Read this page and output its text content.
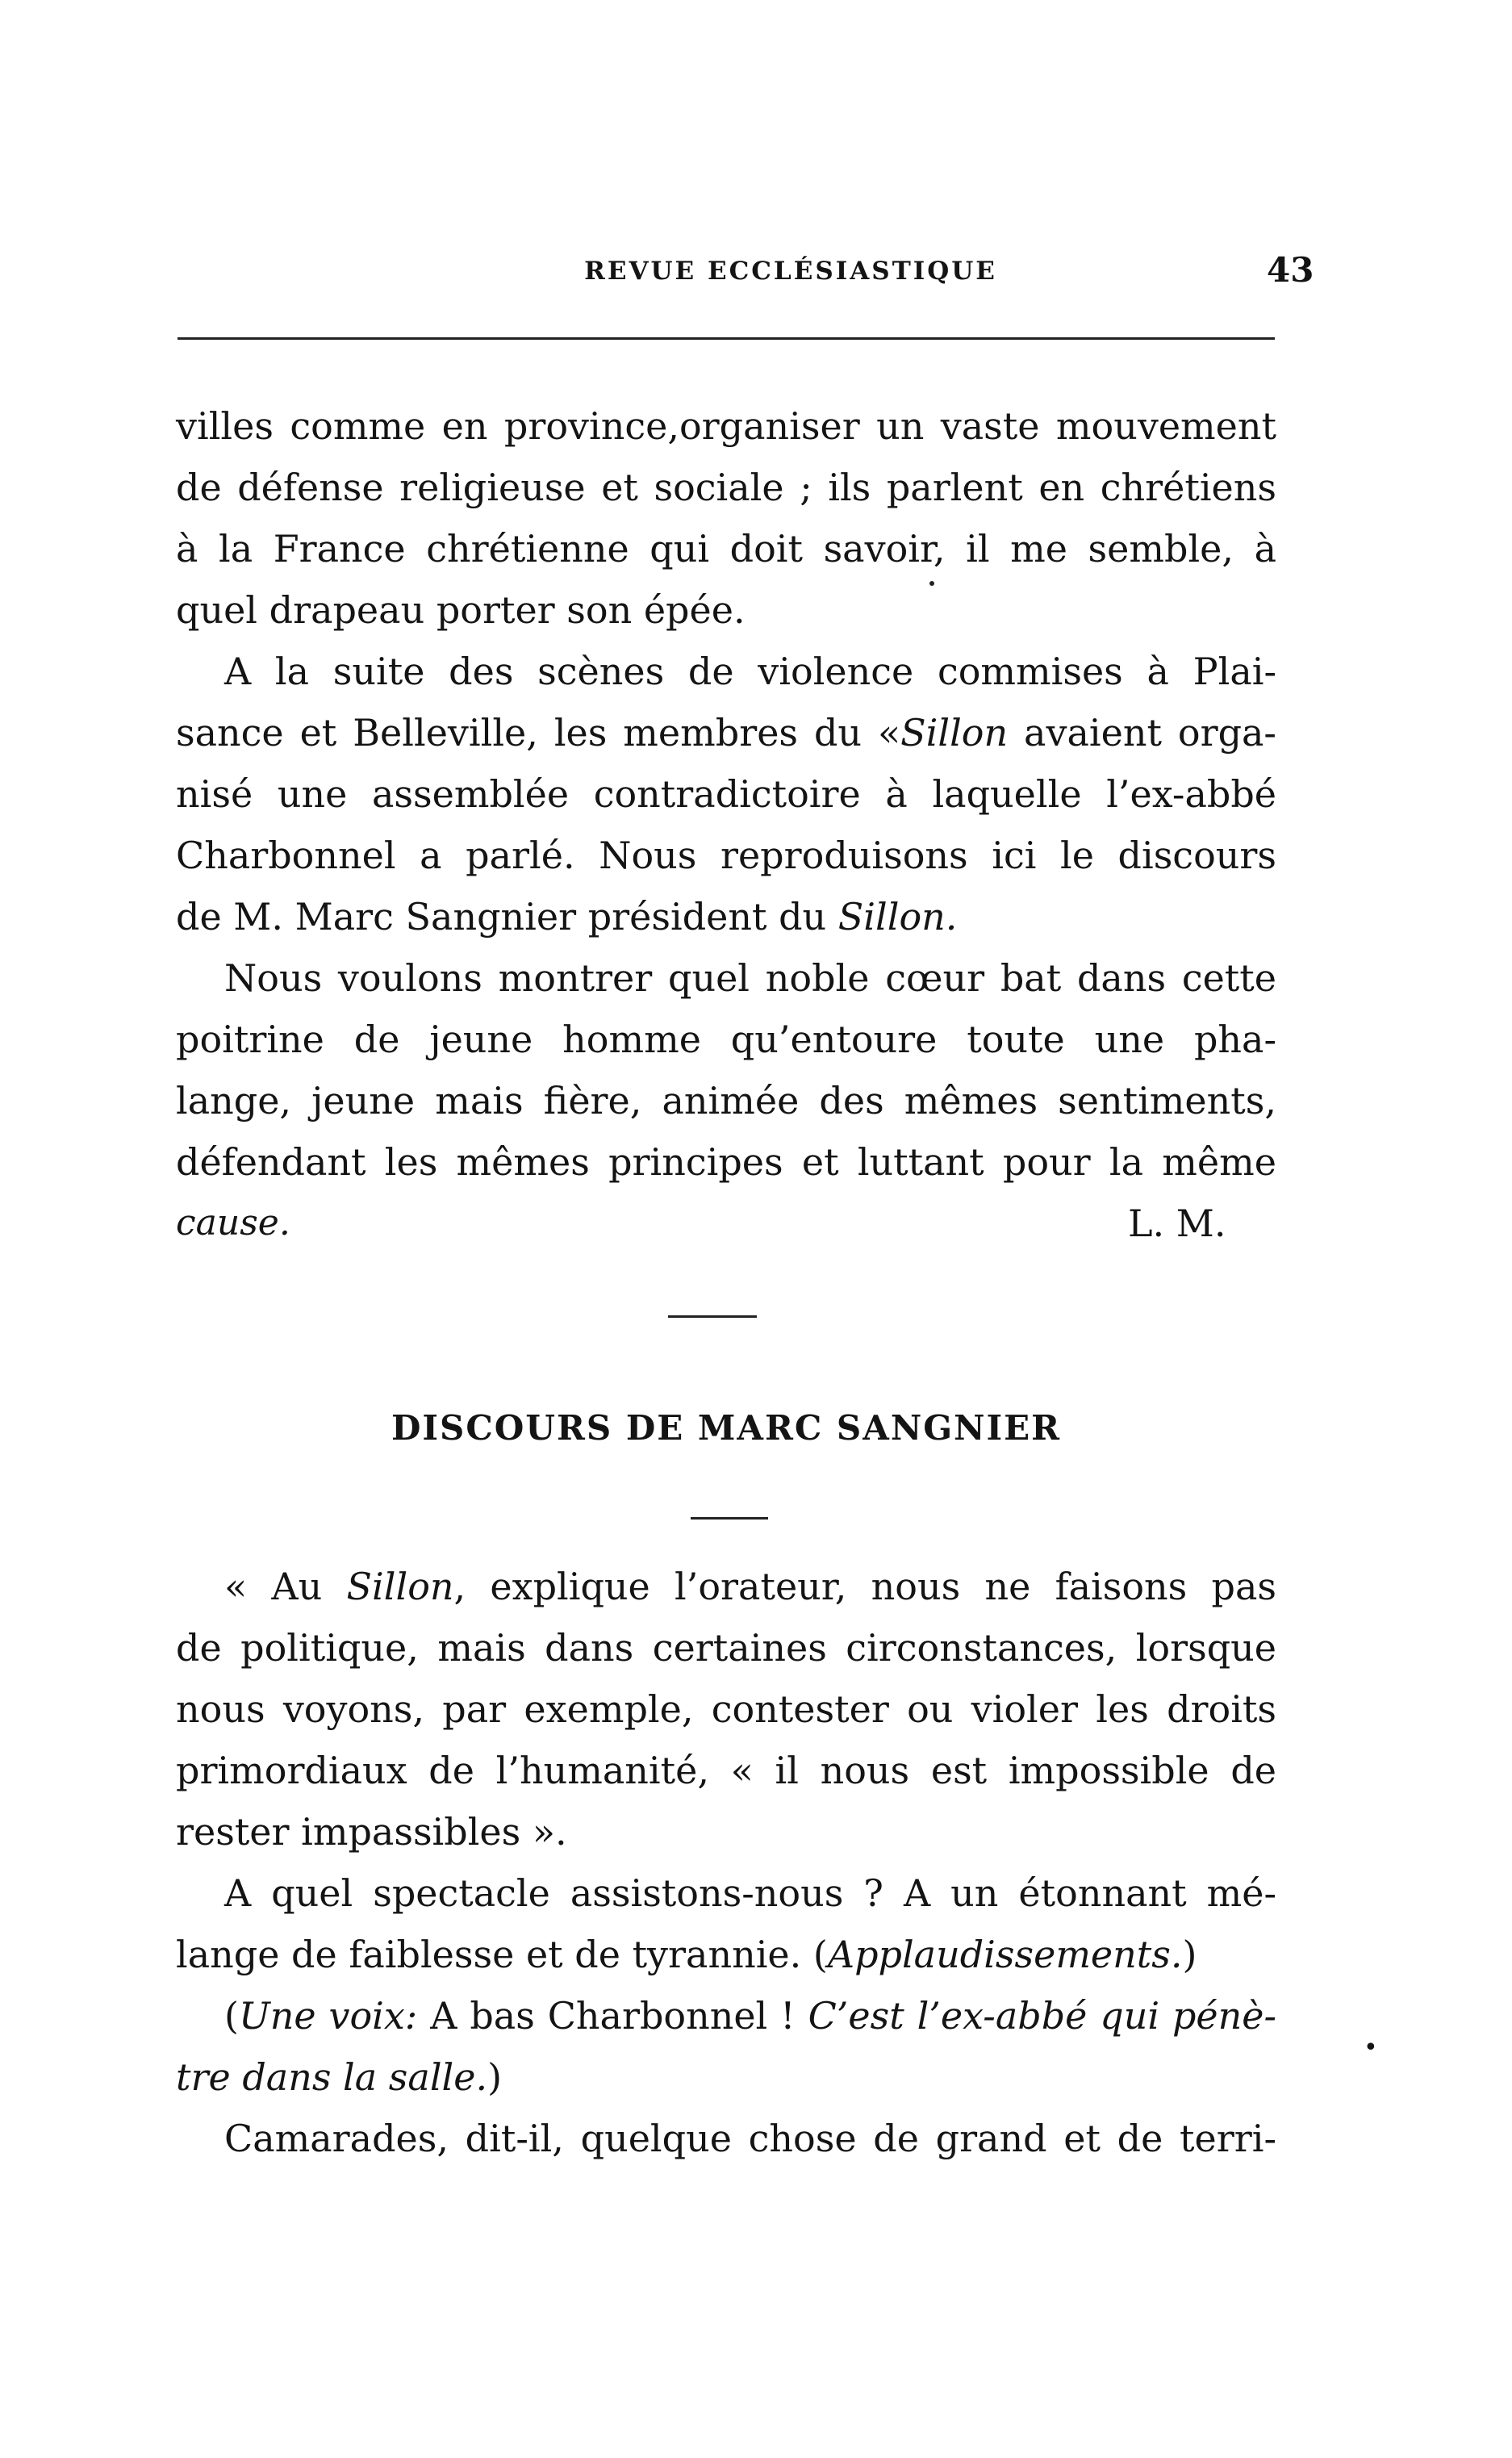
REVUE ECCLÉSIASTIQUE	43
villes comme en province,organiser un vaste mouvement
de défense religieuse et sociale ; ils parlent en chrétiens
à la France chrétienne qui doit savoir, il me semble, à
quel drapeau porter son épée.
A la suite des scènes de violence commises à Plai-
sance et Belleville, les membres du «Sillon avaient orga-
nisé une assemblée contradictoire à laquelle l’ex-abbé
Charbonnel a parlé. Nous reproduisons ici le discours
de M. Marc Sangnier président du Sillon.
Nous voulons montrer quel noble cœur bat dans cette
poitrine de jeune homme qu’entoure toute une pha-
lange, jeune mais fière, animée des mêmes sentiments,
défendant les mêmes principes et luttant pour la même
cause.	L. M.
DISCOURS DE MARC SANGNIER
« Au Sillon, explique l’orateur, nous ne faisons pas
de politique, mais dans certaines circonstances, lorsque
nous voyons, par exemple, contester ou violer les droits
primordiaux de l’humanité, « il nous est impossible de
rester impassibles ».
A quel spectacle assistons-nous ? A un étonnant mé-
lange de faiblesse et de tyrannie. (Applaudissements.)
(Une voix: A bas Charbonnel ! C’est l’ex-abbé qui pénè-
tre dans la salle.)
Camarades, dit-il, quelque chose de grand et de terri-
•
